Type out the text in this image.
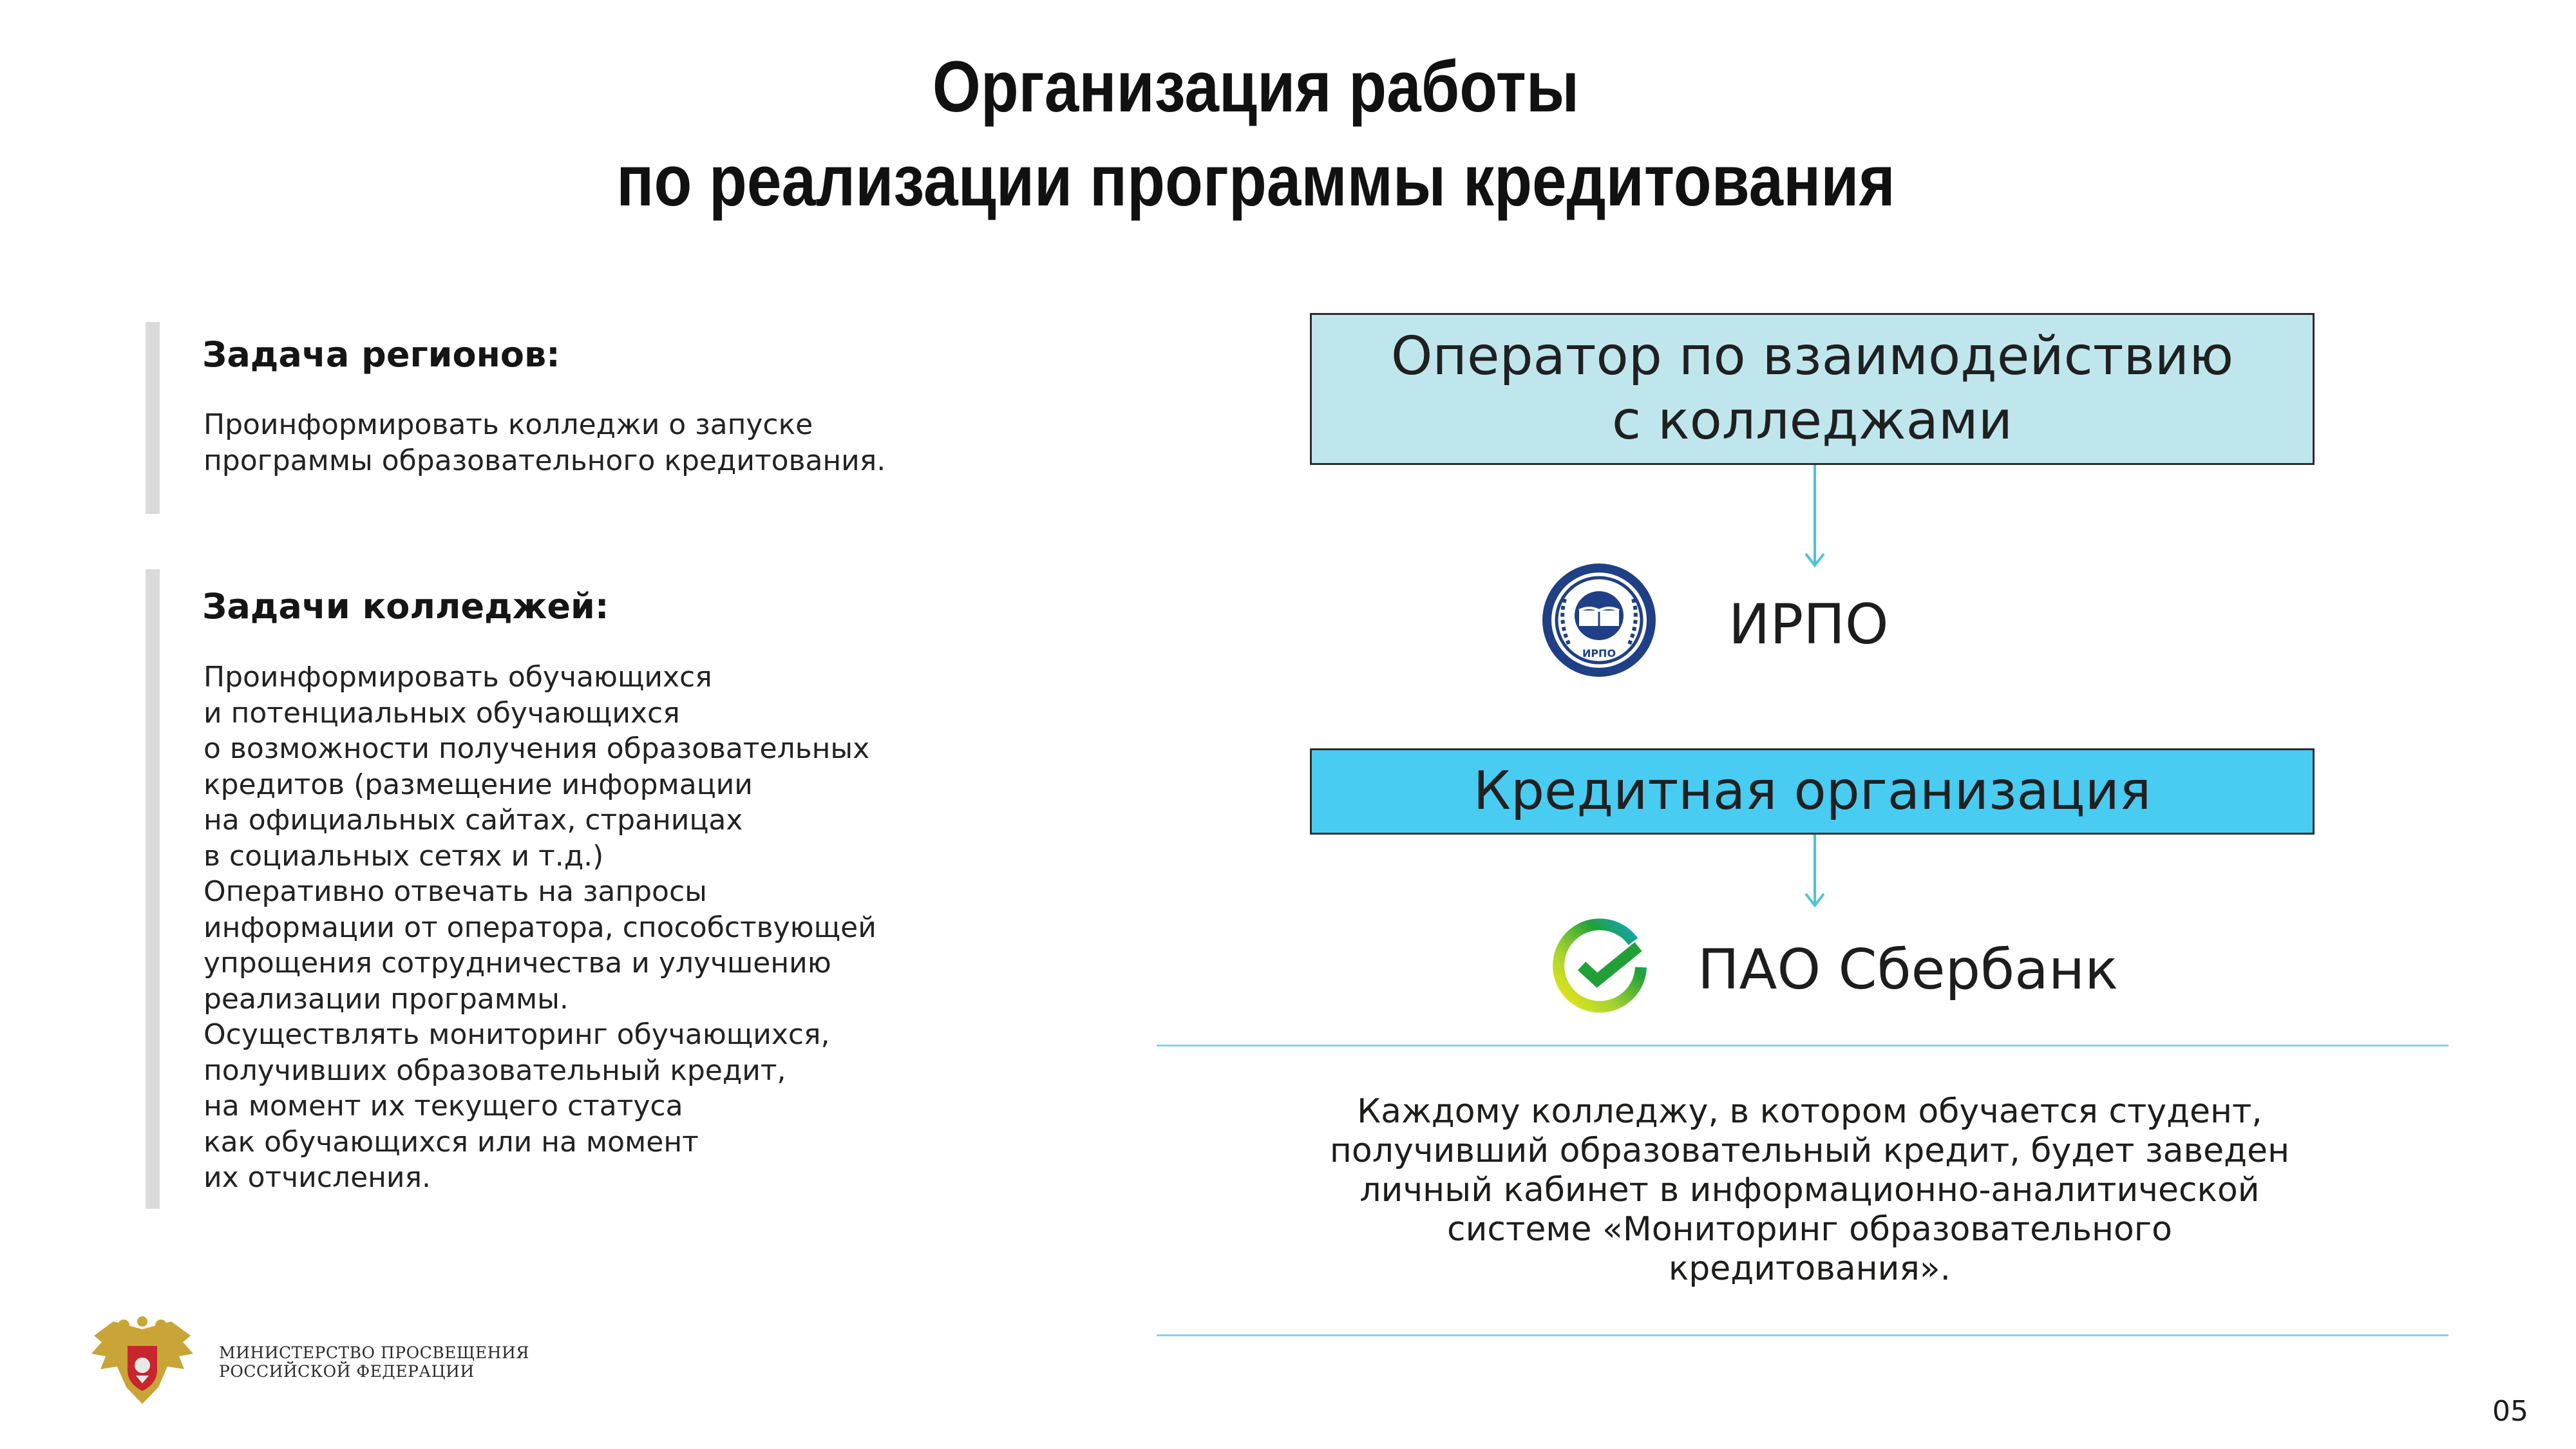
Организация работы
по реализации программы кредитования
Задача регионов:
Проинформировать колледжи о запуске
программы образовательного кредитования.
Задачи колледжей:
Проинформировать обучающихся
и потенциальных обучающихся
о возможности получения образовательных
кредитов (размещение информации
на официальных сайтах, страницах
в социальных сетях и т.д.)
Оперативно отвечать на запросы
информации от оператора, способствующей
упрощения сотрудничества и улучшению
реализации программы.
Осуществлять мониторинг обучающихся,
получивших образовательный кредит,
на момент их текущего статуса
как обучающихся или на момент
их отчисления.
Оператор по взаимодействию
с колледжами
ИРПО ИРПО
Кредитная организация
ПАО Сбербанк
Каждому колледжу, в котором обучается студент,
получивший образовательный кредит, будет заведен
личный кабинет в информационно-аналитической
системе «Мониторинг образовательного
кредитования».
МИНИСТЕРСТВО ПРОСВЕЩЕНИЯ
РОССИЙСКОЙ ФЕДЕРАЦИИ
05
